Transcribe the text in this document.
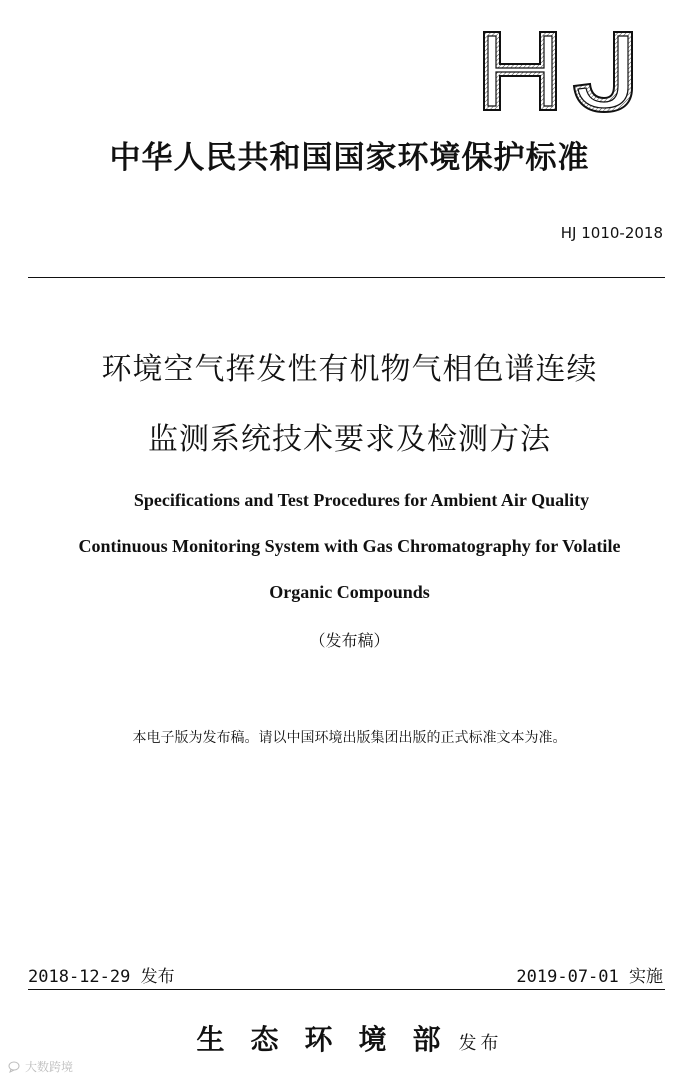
中华人民共和国国家环境保护标准
HJ 1010-2018
环境空气挥发性有机物气相色谱连续
监测系统技术要求及检测方法
Specifications and Test Procedures for Ambient Air Quality
Continuous Monitoring System with Gas Chromatography for Volatile
Organic Compounds
（发布稿）
本电子版为发布稿。请以中国环境出版集团出版的正式标准文本为准。
2018-12-29 发布	2019-07-01 实施
生态环境部发布
大数跨境
